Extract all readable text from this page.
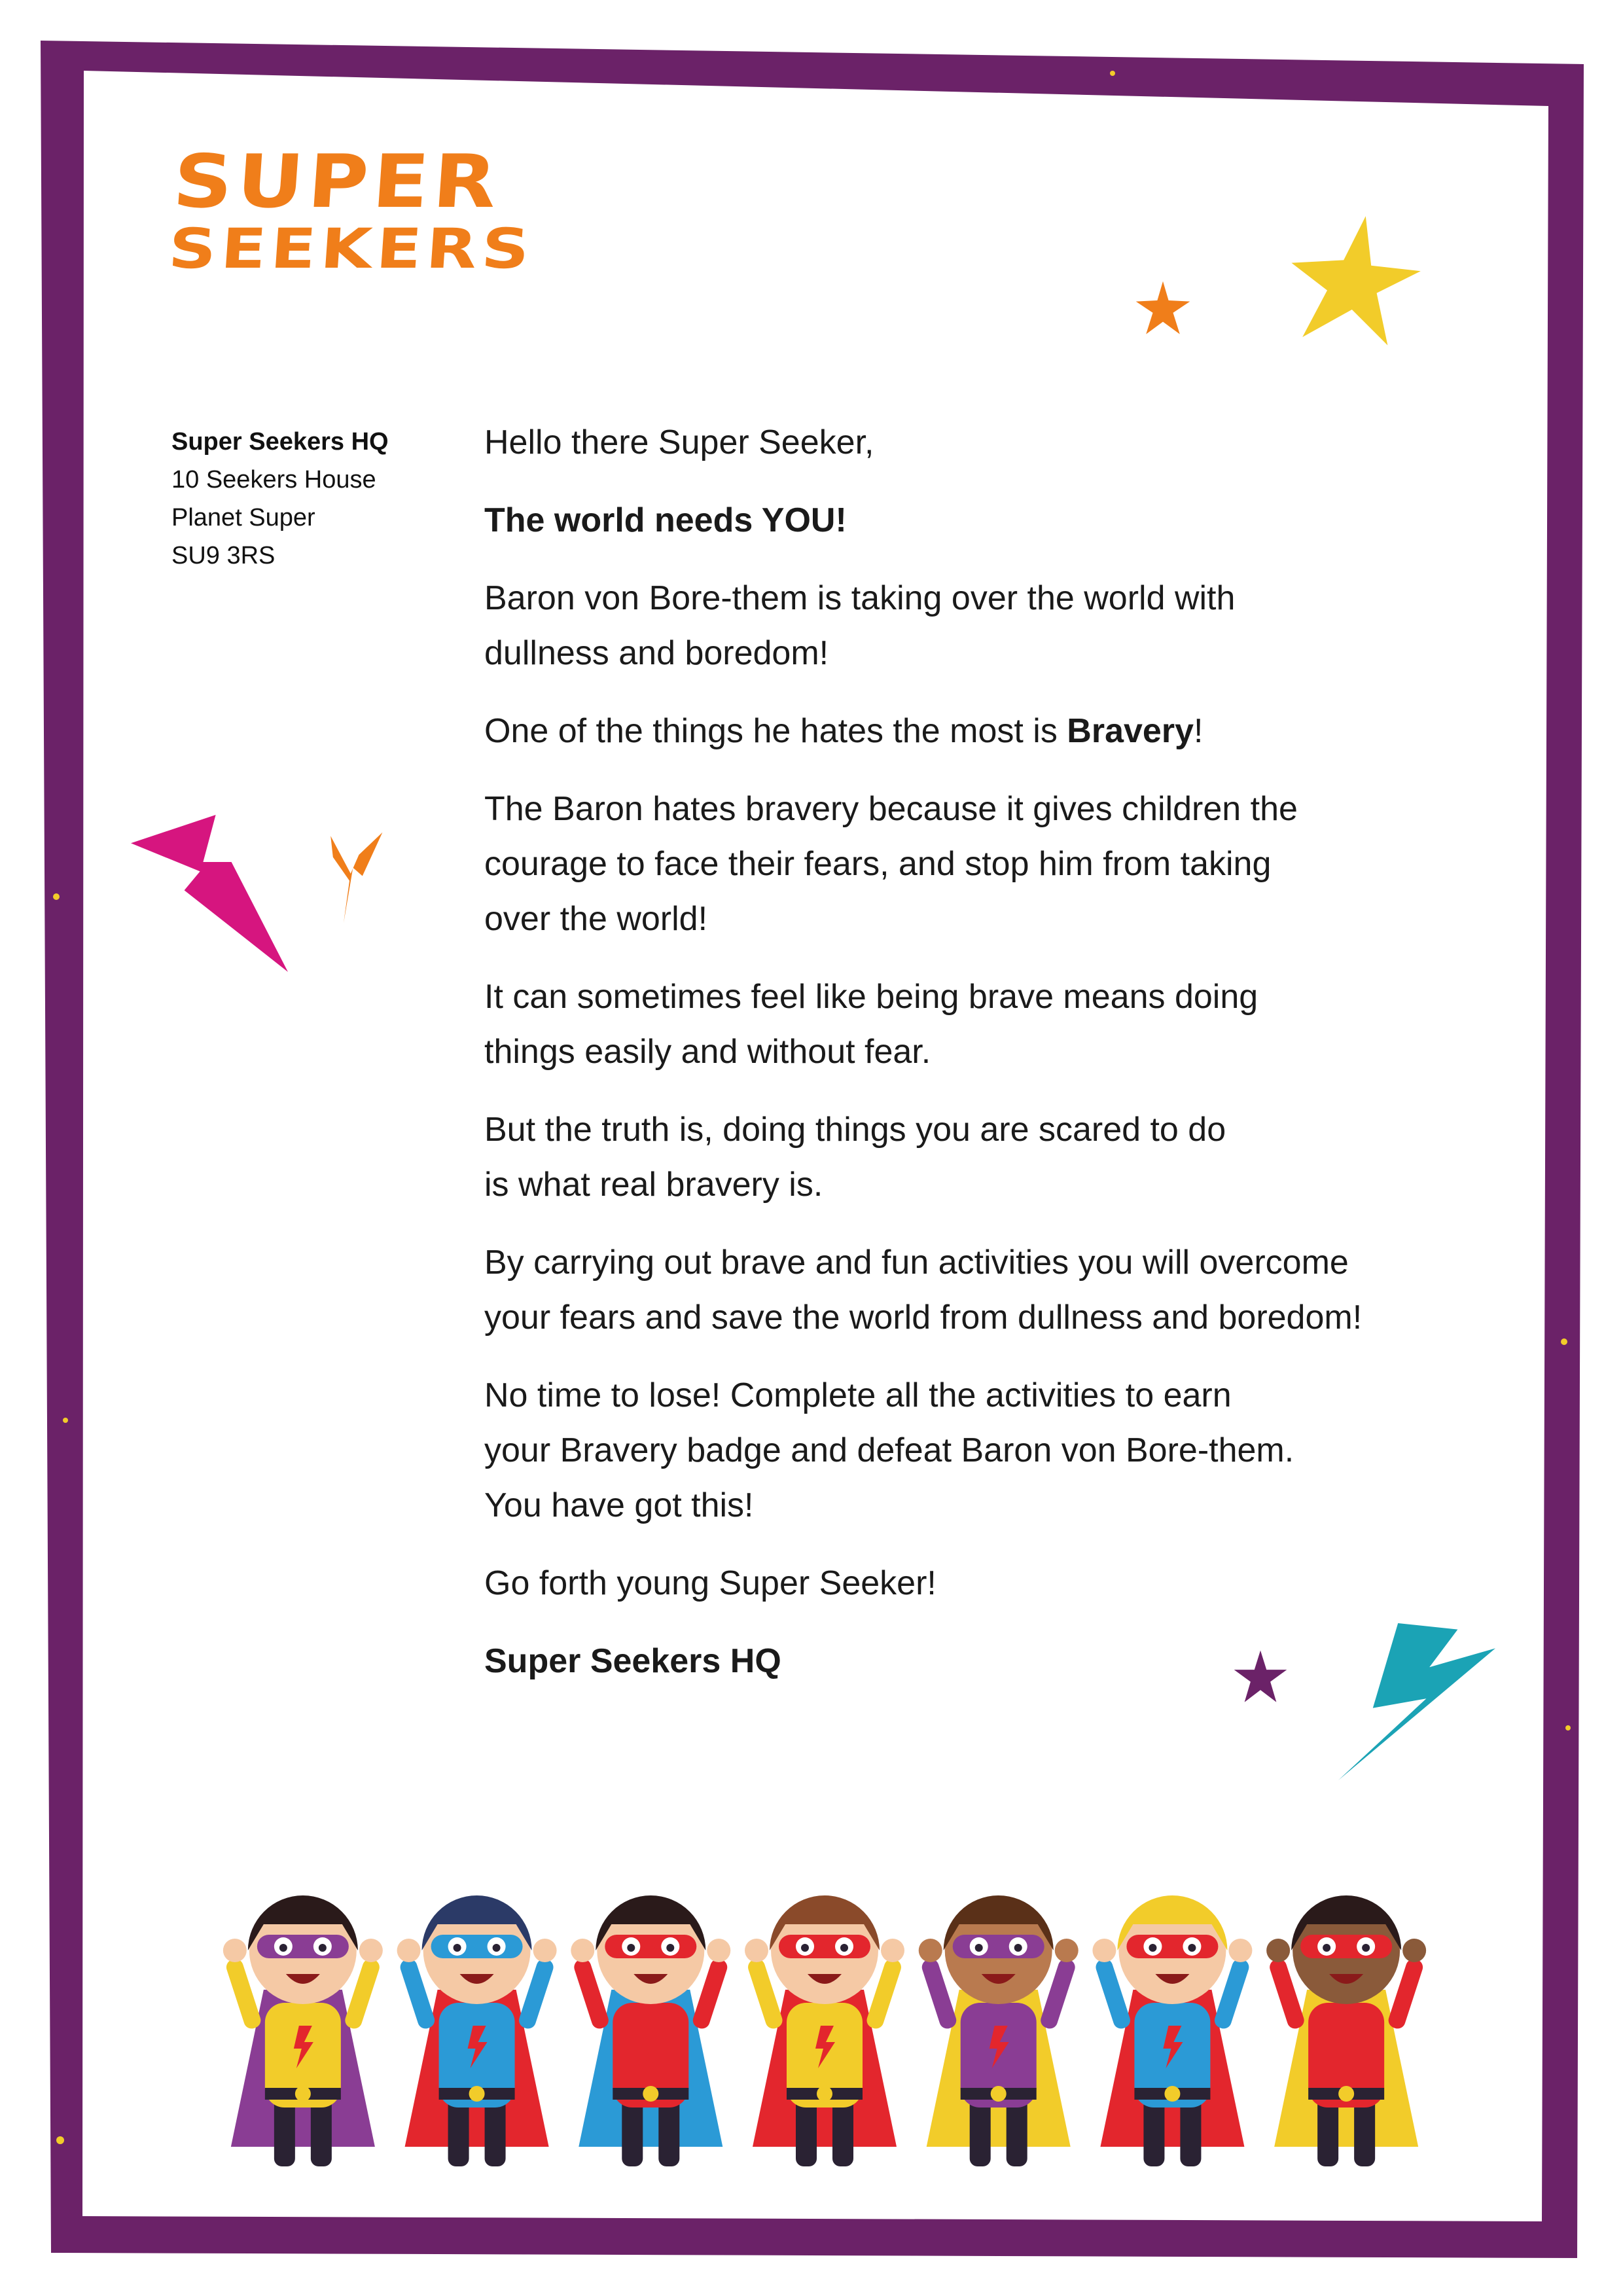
SUPER
SEEKERS
Super Seekers HQ
10 Seekers House
Planet Super
SU9 3RS

Hello there Super Seeker,

The world needs YOU!

Baron von Bore-them is taking over the world with
dullness and boredom!

One of the things he hates the most is Bravery!

The Baron hates bravery because it gives children the
courage to face their fears, and stop him from taking
over the world!

It can sometimes feel like being brave means doing
things easily and without fear.

But the truth is, doing things you are scared to do
is what real bravery is.

By carrying out brave and fun activities you will overcome
your fears and save the world from dullness and boredom!

No time to lose! Complete all the activities to earn
your Bravery badge and defeat Baron von Bore-them.
You have got this!

Go forth young Super Seeker!

Super Seekers HQ
